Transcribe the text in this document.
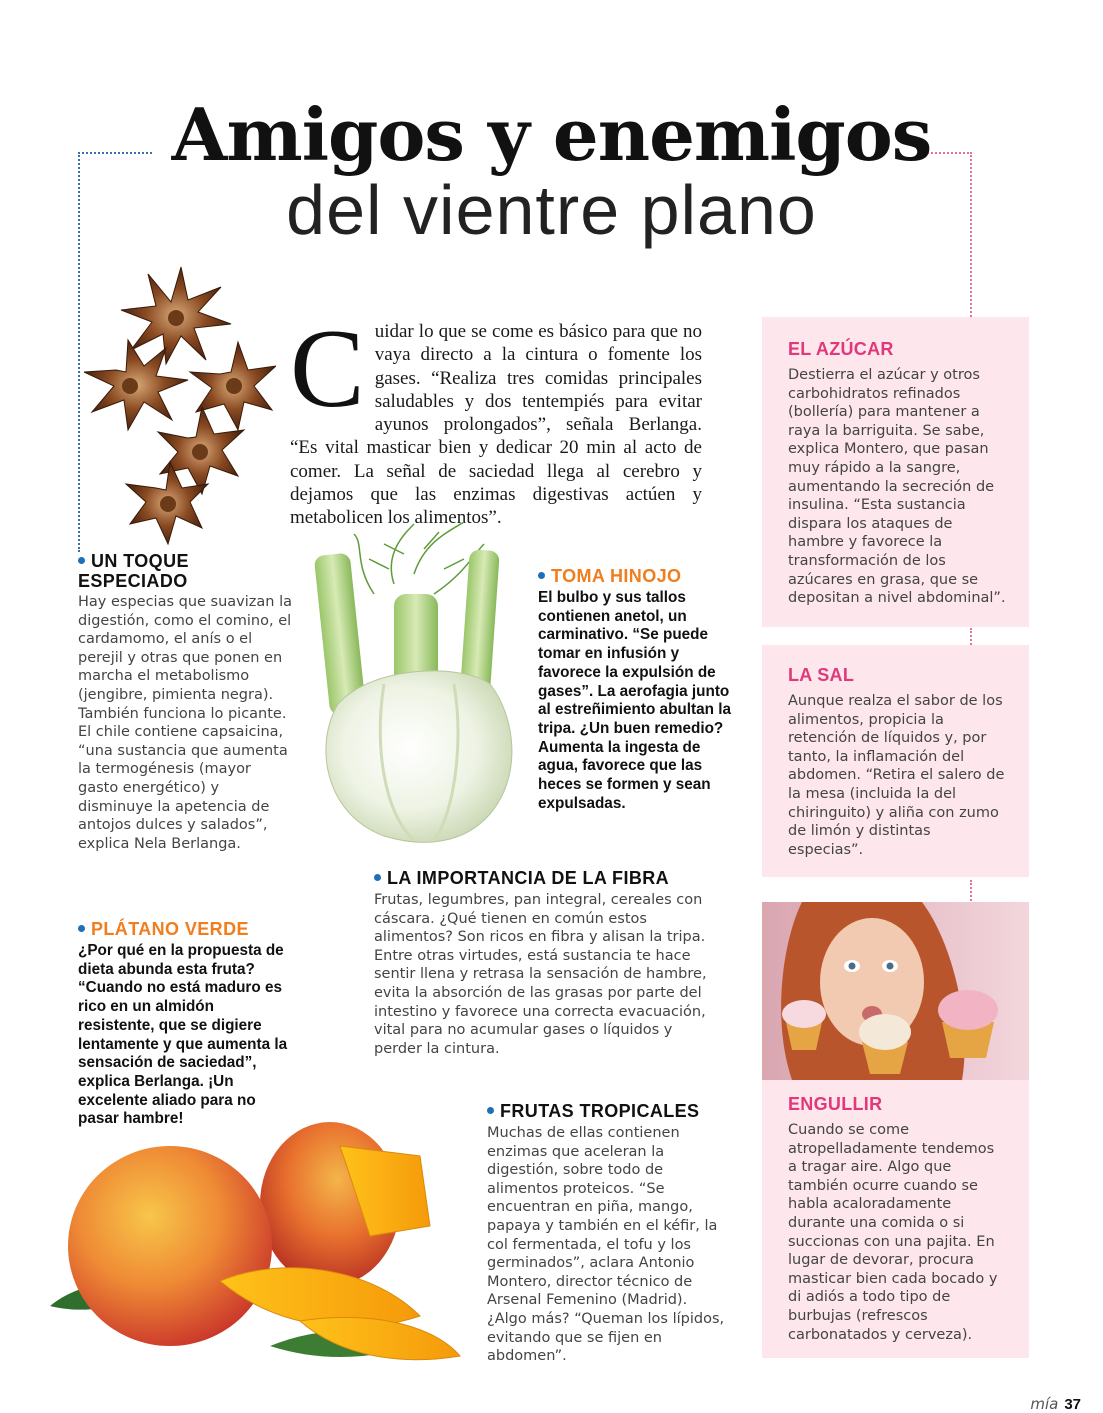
Amigos y enemigos
del vientre plano
Cuidar lo que se come es básico para que no vaya directo a la cintura o fomente los gases. “Realiza tres comidas principales saludables y dos tentempiés para evitar ayunos prolongados”, señala Berlanga. “Es vital masticar bien y dedicar 20 min al acto de comer. La señal de saciedad llega al cerebro y dejamos que las enzimas digestivas actúen y metabolicen los alimentos”.
UN TOQUE
ESPECIADO
Hay especias que suavizan la digestión, como el comino, el cardamomo, el anís o el perejil y otras que ponen en marcha el metabolismo (jengibre, pimienta negra). También funciona lo picante. El chile contiene capsaicina, “una sustancia que aumenta la termogénesis (mayor gasto energético) y disminuye la apetencia de antojos dulces y salados”, explica Nela Berlanga.
TOMA HINOJO
El bulbo y sus tallos contienen anetol, un carminativo. “Se puede tomar en infusión y favorece la expulsión de gases”. La aerofagia junto al estreñimiento abultan la tripa. ¿Un buen remedio? Aumenta la ingesta de agua, favorece que las heces se formen y sean expulsadas.
LA IMPORTANCIA DE LA FIBRA
Frutas, legumbres, pan integral, cereales con cáscara. ¿Qué tienen en común estos alimentos? Son ricos en fibra y alisan la tripa. Entre otras virtudes, está sustancia te hace sentir llena y retrasa la sensación de hambre, evita la absorción de las grasas por parte del intestino y favorece una correcta evacuación, vital para no acumular gases o líquidos y perder la cintura.
PLÁTANO VERDE
¿Por qué en la propuesta de dieta abunda esta fruta? “Cuando no está maduro es rico en un almidón resistente, que se digiere lentamente y que aumenta la sensación de saciedad”, explica Berlanga. ¡Un excelente aliado para no pasar hambre!	FRUTAS TROPICALES
Muchas de ellas contienen enzimas que aceleran la digestión, sobre todo de alimentos proteicos. “Se encuentran en piña, mango, papaya y también en el kéfir, la col fermentada, el tofu y los germinados”, aclara Antonio Montero, director técnico de Arsenal Femenino (Madrid). ¿Algo más? “Queman los lípidos, evitando que se fijen en abdomen”.
EL AZÚCAR
Destierra el azúcar y otros carbohidratos refinados (bollería) para mantener a raya la barriguita. Se sabe, explica Montero, que pasan muy rápido a la sangre, aumentando la secreción de insulina. “Esta sustancia dispara los ataques de hambre y favorece la transformación de los azúcares en grasa, que se depositan a nivel abdominal”.
LA SAL
Aunque realza el sabor de los alimentos, propicia la retención de líquidos y, por tanto, la inflamación del abdomen. “Retira el salero de la mesa (incluida la del chiringuito) y aliña con zumo de limón y distintas especias”.
ENGULLIR
Cuando se come atropelladamente tendemos a tragar aire. Algo que también ocurre cuando se habla acaloradamente durante una comida o si succionas con una pajita. En lugar de devorar, procura masticar bien cada bocado y di adiós a todo tipo de burbujas (refrescos carbonatados y cerveza).
mía 37
